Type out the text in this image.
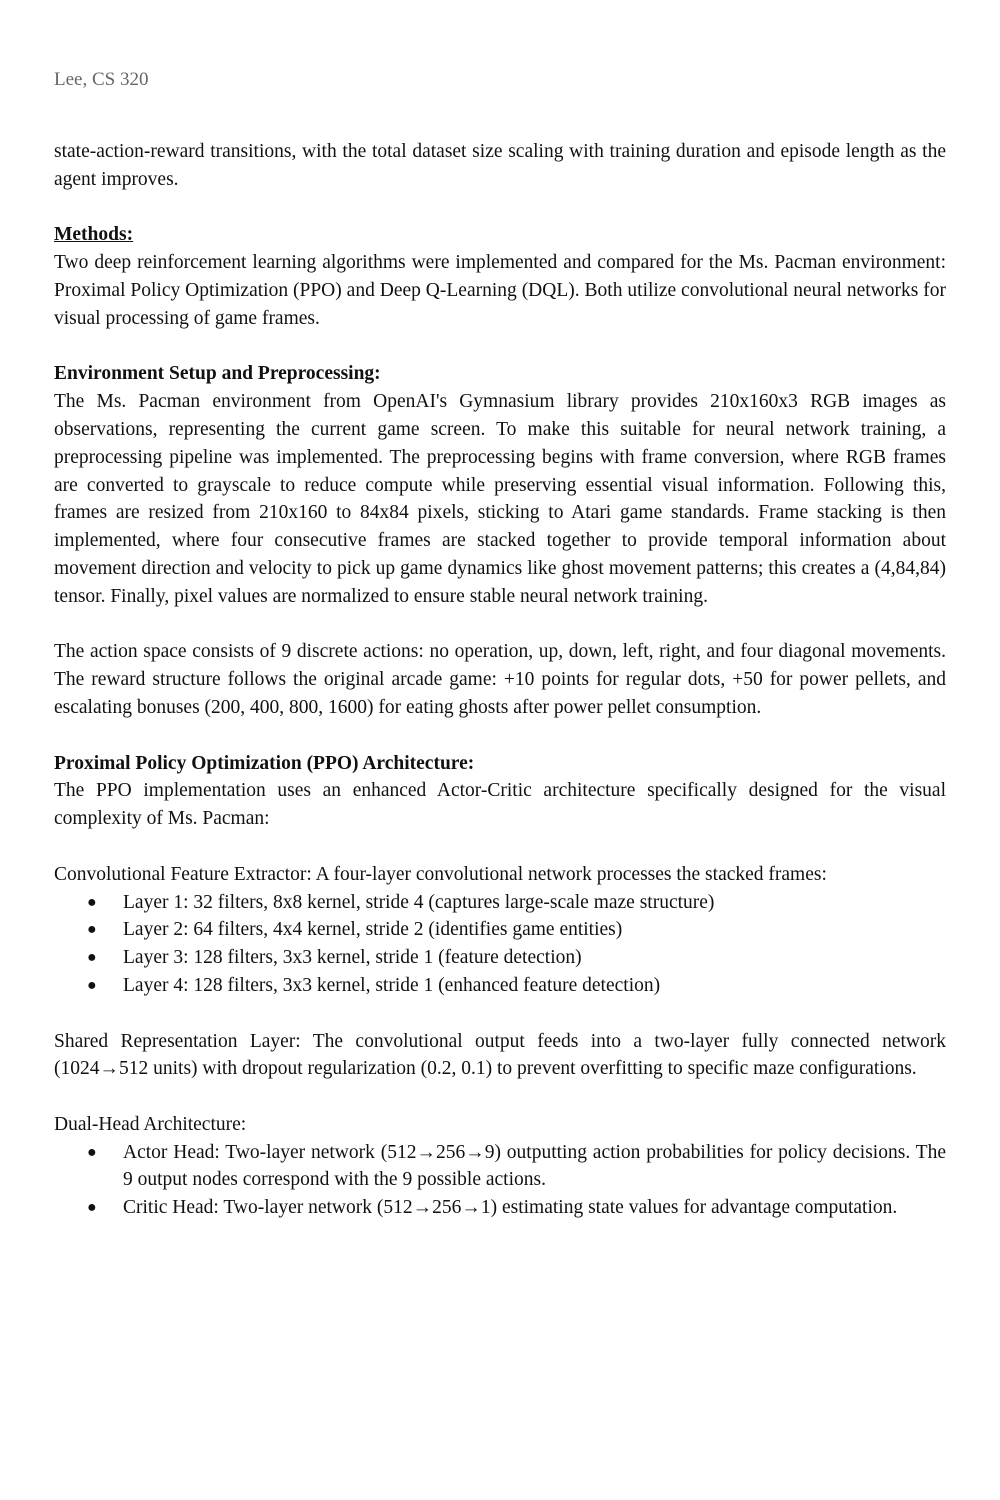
Lee, CS 320

state-action-reward transitions, with the total dataset size scaling with training duration and episode length as the agent improves.

Methods:

Two deep reinforcement learning algorithms were implemented and compared for the Ms. Pacman environment: Proximal Policy Optimization (PPO) and Deep Q-Learning (DQL). Both utilize convolutional neural networks for visual processing of game frames.

Environment Setup and Preprocessing:

The Ms. Pacman environment from OpenAI's Gymnasium library provides 210x160x3 RGB images as observations, representing the current game screen. To make this suitable for neural network training, a preprocessing pipeline was implemented. The preprocessing begins with frame conversion, where RGB frames are converted to grayscale to reduce compute while preserving essential visual information. Following this, frames are resized from 210x160 to 84x84 pixels, sticking to Atari game standards. Frame stacking is then implemented, where four consecutive frames are stacked together to provide temporal information about movement direction and velocity to pick up game dynamics like ghost movement patterns; this creates a (4,84,84) tensor. Finally, pixel values are normalized to ensure stable neural network training.

The action space consists of 9 discrete actions: no operation, up, down, left, right, and four diagonal movements. The reward structure follows the original arcade game: +10 points for regular dots, +50 for power pellets, and escalating bonuses (200, 400, 800, 1600) for eating ghosts after power pellet consumption.

Proximal Policy Optimization (PPO) Architecture:

The PPO implementation uses an enhanced Actor-Critic architecture specifically designed for the visual complexity of Ms. Pacman:

Convolutional Feature Extractor: A four-layer convolutional network processes the stacked frames:

● Layer 1: 32 filters, 8x8 kernel, stride 4 (captures large-scale maze structure)
● Layer 2: 64 filters, 4x4 kernel, stride 2 (identifies game entities)
● Layer 3: 128 filters, 3x3 kernel, stride 1 (feature detection)
● Layer 4: 128 filters, 3x3 kernel, stride 1 (enhanced feature detection)

Shared Representation Layer: The convolutional output feeds into a two-layer fully connected network (1024→512 units) with dropout regularization (0.2, 0.1) to prevent overfitting to specific maze configurations.

Dual-Head Architecture:

● Actor Head: Two-layer network (512→256→9) outputting action probabilities for policy decisions. The 9 output nodes correspond with the 9 possible actions.
● Critic Head: Two-layer network (512→256→1) estimating state values for advantage computation.
